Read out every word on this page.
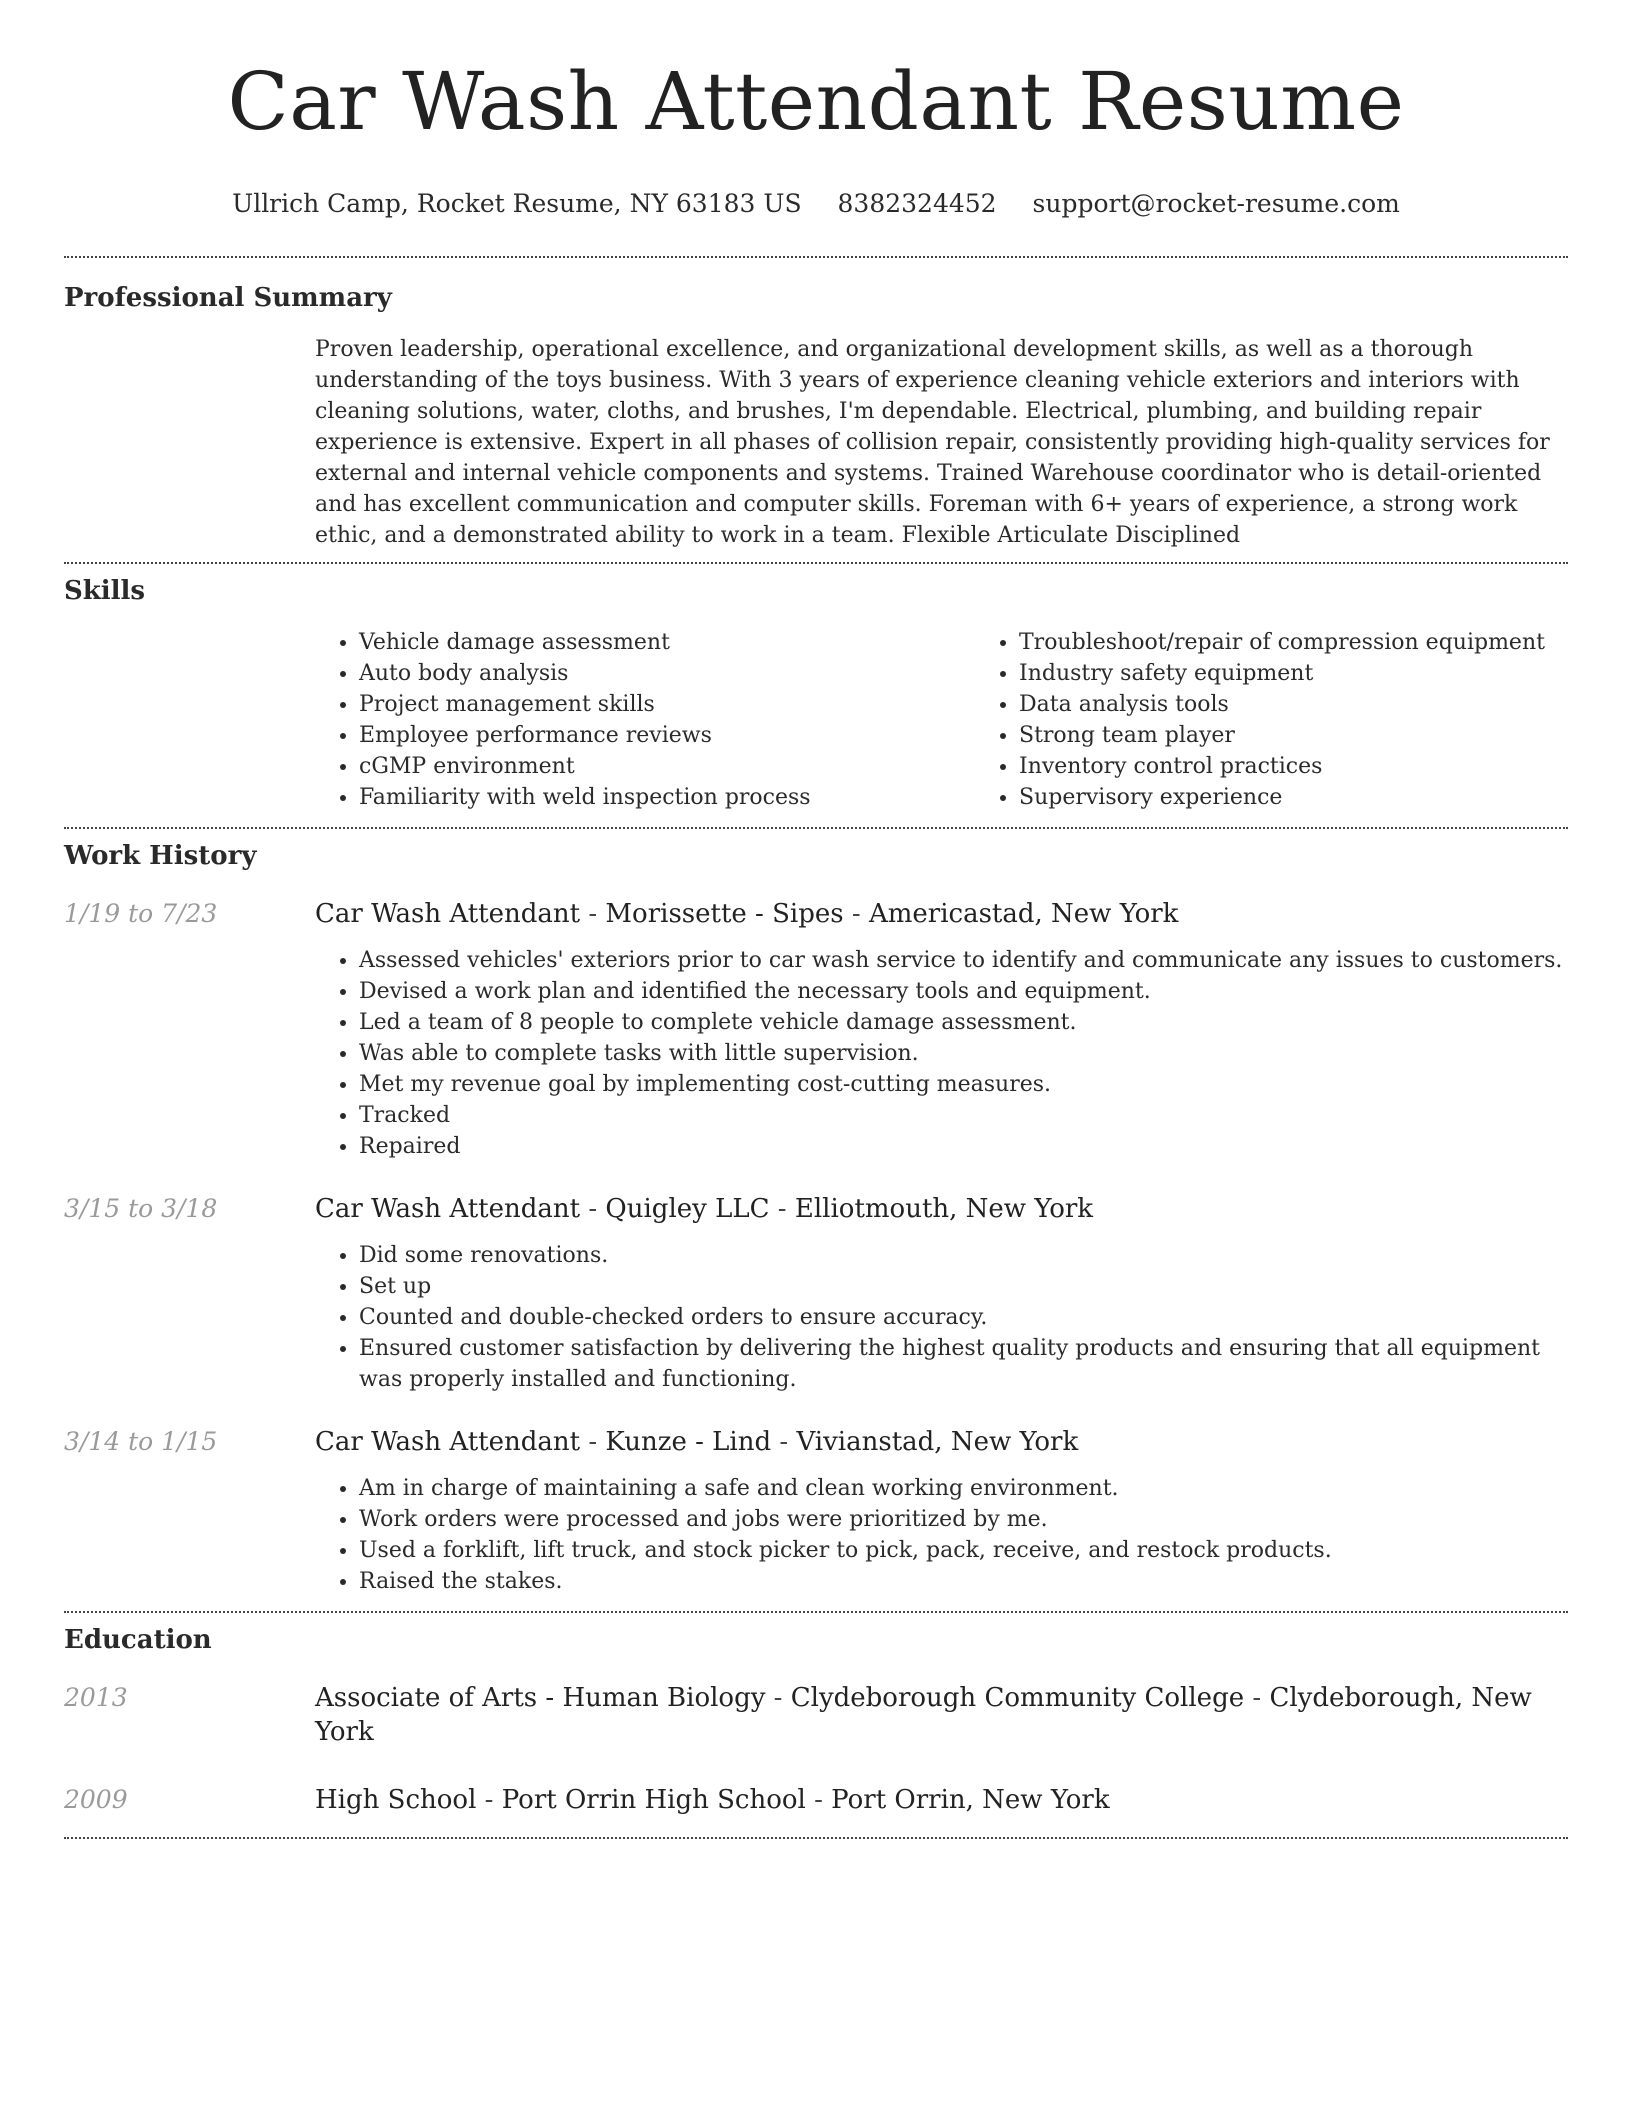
Car Wash Attendant Resume
Ullrich Camp, Rocket Resume, NY 63183 US 8382324452 support@rocket-resume.com
Professional Summary

Proven leadership, operational excellence, and organizational development skills, as well as a thorough understanding of the toys business. With 3 years of experience cleaning vehicle exteriors and interiors with cleaning solutions, water, cloths, and brushes, I'm dependable. Electrical, plumbing, and building repair experience is extensive. Expert in all phases of collision repair, consistently providing high-quality services for external and internal vehicle components and systems. Trained Warehouse coordinator who is detail-oriented and has excellent communication and computer skills. Foreman with 6+ years of experience, a strong work ethic, and a demonstrated ability to work in a team. Flexible Articulate Disciplined

Skills
• Vehicle damage assessment
• Auto body analysis
• Project management skills
• Employee performance reviews
• cGMP environment
• Familiarity with weld inspection process
• Troubleshoot/repair of compression equipment
• Industry safety equipment
• Data analysis tools
• Strong team player
• Inventory control practices
• Supervisory experience
Work History
1/19 to 7/23	Car Wash Attendant - Morissette - Sipes - Americastad, New York
• Assessed vehicles' exteriors prior to car wash service to identify and communicate any issues to customers.
• Devised a work plan and identified the necessary tools and equipment.
• Led a team of 8 people to complete vehicle damage assessment.
• Was able to complete tasks with little supervision.
• Met my revenue goal by implementing cost-cutting measures.
• Tracked
• Repaired
3/15 to 3/18	Car Wash Attendant - Quigley LLC - Elliotmouth, New York
• Did some renovations.
• Set up
• Counted and double-checked orders to ensure accuracy.
• Ensured customer satisfaction by delivering the highest quality products and ensuring that all equipment was properly installed and functioning.
3/14 to 1/15	Car Wash Attendant - Kunze - Lind - Vivianstad, New York
• Am in charge of maintaining a safe and clean working environment.
• Work orders were processed and jobs were prioritized by me.
• Used a forklift, lift truck, and stock picker to pick, pack, receive, and restock products.
• Raised the stakes.
Education
2013	Associate of Arts - Human Biology - Clydeborough Community College - Clydeborough, New York
2009	High School - Port Orrin High School - Port Orrin, New York
